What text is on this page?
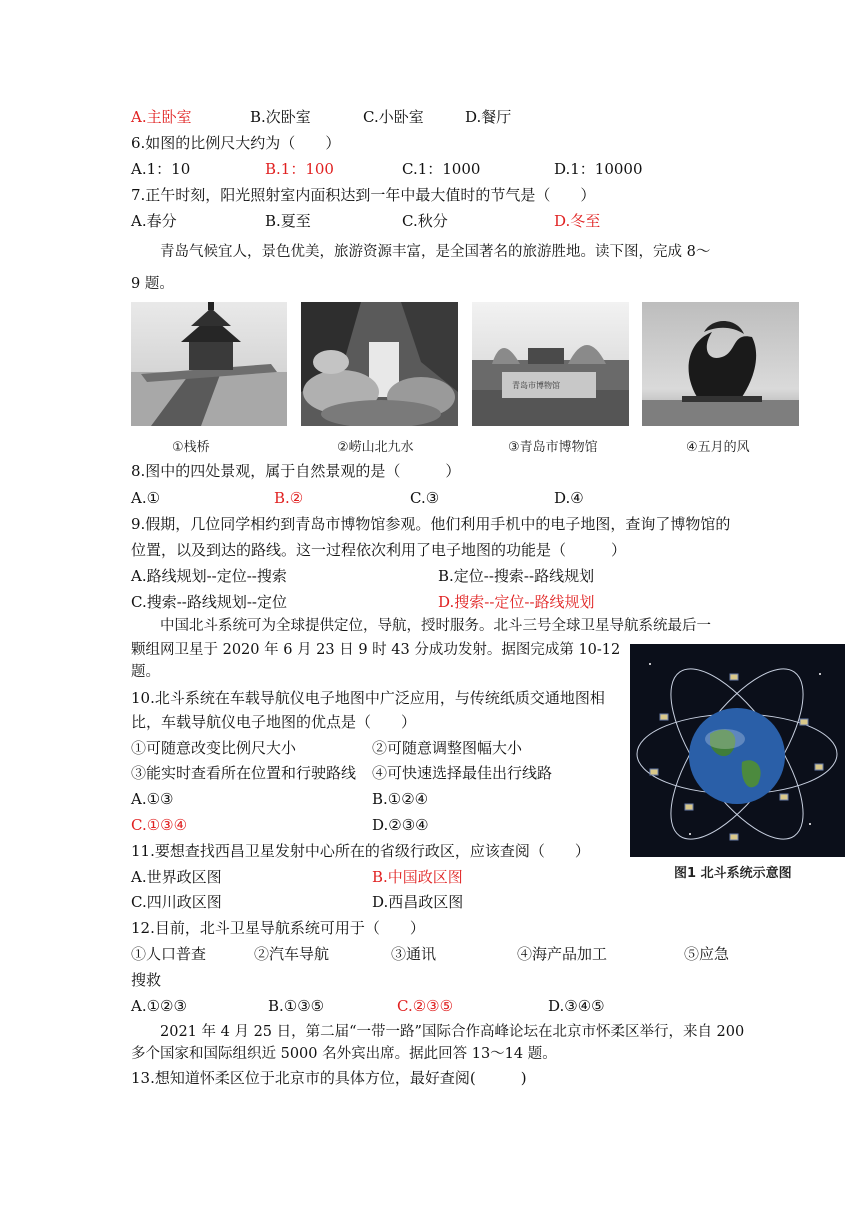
A.主卧室	B.次卧室	C.小卧室	D.餐厅
6.如图的比例尺大约为（　　）
A.1：10	B.1：100	C.1：1000	D.1：10000
7.正午时刻，阳光照射室内面积达到一年中最大值时的节气是（　　）
A.春分	B.夏至	C.秋分	D.冬至
青岛气候宜人，景色优美，旅游资源丰富，是全国著名的旅游胜地。读下图，完成 8～
9 题。
①栈桥	②崂山北九水
青岛市博物馆
③青岛市博物馆	④五月的风
8.图中的四处景观，属于自然景观的是（　　　）
A.①	B.②	C.③	D.④
9.假期，几位同学相约到青岛市博物馆参观。他们利用手机中的电子地图，查询了博物馆的
位置，以及到达的路线。这一过程依次利用了电子地图的功能是（　　　）
A.路线规划--定位--搜索	B.定位--搜索--路线规划
C.搜索--路线规划--定位	D.搜索--定位--路线规划
中国北斗系统可为全球提供定位，导航，授时服务。北斗三号全球卫星导航系统最后一
颗组网卫星于 2020 年 6 月 23 日 9 时 43 分成功发射。据图完成第 10-12
题。
图1 北斗系统示意图
10.北斗系统在车载导航仪电子地图中广泛应用，与传统纸质交通地图相
比，车载导航仪电子地图的优点是（　　）
①可随意改变比例尺大小	②可随意调整图幅大小
③能实时查看所在位置和行驶路线 ④可快速选择最佳出行线路
A.①③	B.①②④
C.①③④	D.②③④
11.要想查找西昌卫星发射中心所在的省级行政区，应该查阅（　　）
A.世界政区图	B.中国政区图
C.四川政区图	D.西昌政区图
12.目前，北斗卫星导航系统可用于（　　）
①人口普查	②汽车导航	③通讯	④海产品加工	⑤应急
搜救
A.①②③	B.①③⑤	C.②③⑤	D.③④⑤
2021 年 4 月 25 日，第二届“一带一路”国际合作高峰论坛在北京市怀柔区举行，来自 200
多个国家和国际组织近 5000 名外宾出席。据此回答 13～14 题。
13.想知道怀柔区位于北京市的具体方位，最好查阅(　　　)
